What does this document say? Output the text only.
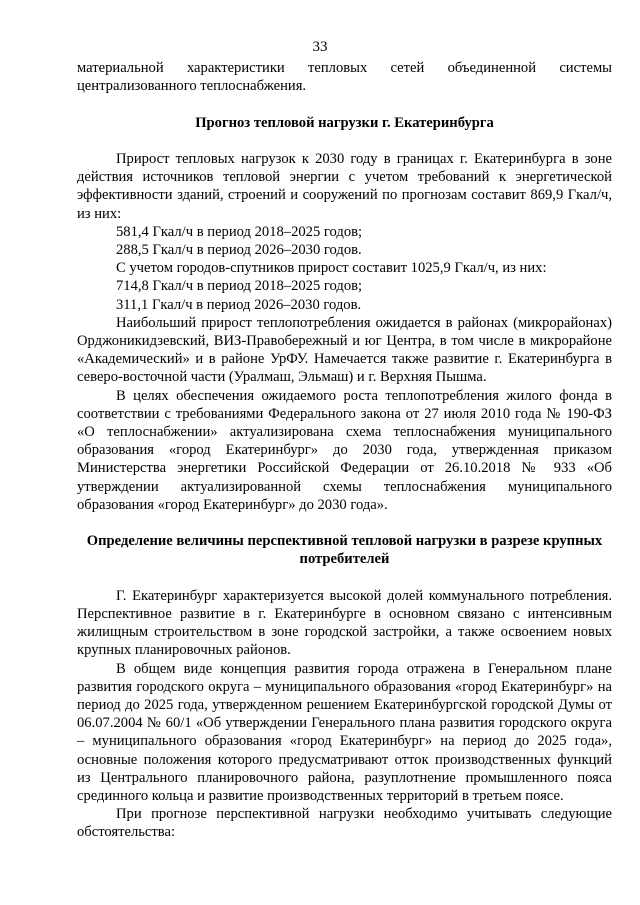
33

материальной характеристики тепловых сетей объединенной системы централизованного теплоснабжения.

Прогноз тепловой нагрузки г. Екатеринбурга

Прирост тепловых нагрузок к 2030 году в границах г. Екатеринбурга в зоне действия источников тепловой энергии с учетом требований к энергетической эффективности зданий, строений и сооружений по прогнозам составит 869,9 Гкал/ч, из них:

581,4 Гкал/ч в период 2018–2025 годов;

288,5 Гкал/ч в период 2026–2030 годов.

С учетом городов-спутников прирост составит 1025,9 Гкал/ч, из них:

714,8 Гкал/ч в период 2018–2025 годов;

311,1 Гкал/ч в период 2026–2030 годов.

Наибольший прирост теплопотребления ожидается в районах (микрорайонах) Орджоникидзевский, ВИЗ-Правобережный и юг Центра, в том числе в микрорайоне «Академический» и в районе УрФУ. Намечается также развитие г. Екатеринбурга в северо-восточной части (Уралмаш, Эльмаш) и г. Верхняя Пышма.

В целях обеспечения ожидаемого роста теплопотребления жилого фонда в соответствии с требованиями Федерального закона от 27 июля 2010 года № 190-ФЗ «О теплоснабжении» актуализирована схема теплоснабжения муниципального образования «город Екатеринбург» до 2030 года, утвержденная приказом Министерства энергетики Российской Федерации от 26.10.2018 № 933 «Об утверждении актуализированной схемы теплоснабжения муниципального образования «город Екатеринбург» до 2030 года».

Определение величины перспективной тепловой нагрузки в разрезе крупных потребителей

Г. Екатеринбург характеризуется высокой долей коммунального потребления. Перспективное развитие в г. Екатеринбурге в основном связано с интенсивным жилищным строительством в зоне городской застройки, а также освоением новых крупных планировочных районов.

В общем виде концепция развития города отражена в Генеральном плане развития городского округа – муниципального образования «город Екатеринбург» на период до 2025 года, утвержденном решением Екатеринбургской городской Думы от 06.07.2004 № 60/1 «Об утверждении Генерального плана развития городского округа – муниципального образования «город Екатеринбург» на период до 2025 года», основные положения которого предусматривают отток производственных функций из Центрального планировочного района, разуплотнение промышленного пояса срединного кольца и развитие производственных территорий в третьем поясе.

При прогнозе перспективной нагрузки необходимо учитывать следующие обстоятельства:
